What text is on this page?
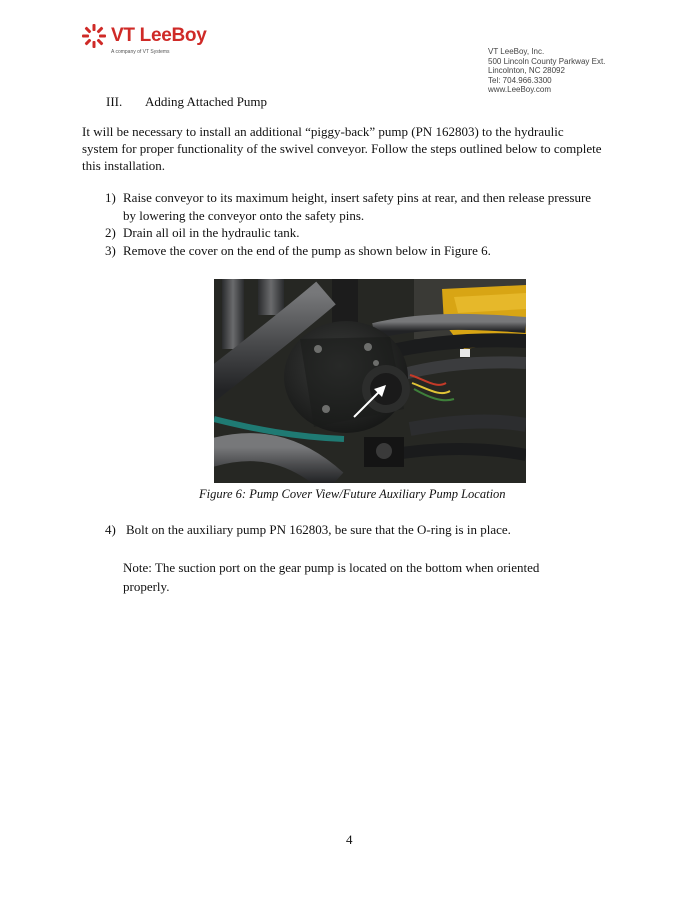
VT LeeBoy
A company of VT Systems	VT LeeBoy, Inc.
500 Lincoln County Parkway Ext.
Lincolnton, NC 28092
Tel: 704.966.3300
www.LeeBoy.com
III. Adding Attached Pump

It will be necessary to install an additional “piggy-back” pump (PN 162803) to the hydraulic system for proper functionality of the swivel conveyor. Follow the steps outlined below to complete this installation.

1) Raise conveyor to its maximum height, insert safety pins at rear, and then release pressure by lowering the conveyor onto the safety pins.
2) Drain all oil in the hydraulic tank.
3) Remove the cover on the end of the pump as shown below in Figure 6.
Figure 6: Pump Cover View/Future Auxiliary Pump Location
4) Bolt on the auxiliary pump PN 162803, be sure that the O-ring is in place.
Note: The suction port on the gear pump is located on the bottom when oriented properly.
4
